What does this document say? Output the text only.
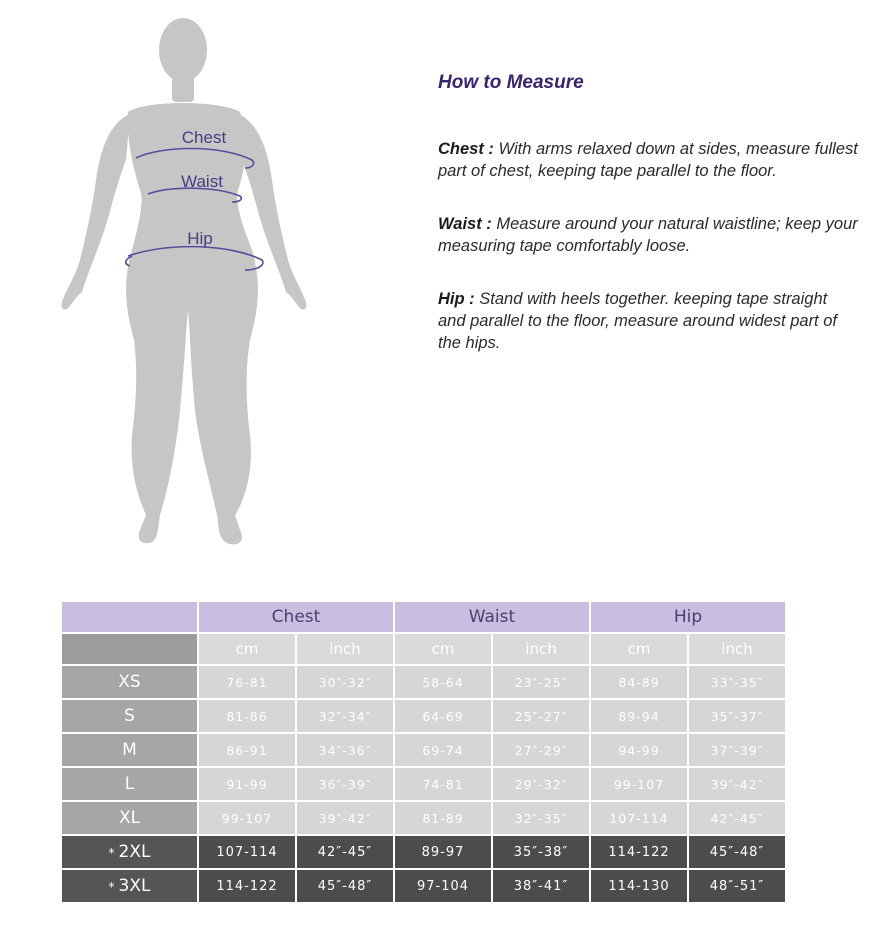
Chest
Waist
Hip
How to Measure
Chest : With arms relaxed down at sides, measure fullest part of chest, keeping tape parallel to the floor.
Waist : Measure around your natural waistline; keep your measuring tape comfortably loose.
Hip : Stand with heels together. keeping tape straight and parallel to the floor, measure around widest part of the hips.
	Chest		Waist		Hip	
	cm	inch	cm	inch	cm	inch
XS	76-81	30″-32″	58-64	23″-25″	84-89	33″-35″
S	81-86	32″-34″	64-69	25″-27″	89-94	35″-37″
M	86-91	34″-36″	69-74	27″-29″	94-99	37″-39″
L	91-99	36″-39″	74-81	29″-32″	99-107	39″-42″
XL	99-107	39″-42″	81-89	32″-35″	107-114	42″-45″
* 2XL	107-114	42″-45″	89-97	35″-38″	114-122	45″-48″
* 3XL	114-122	45″-48″	97-104	38″-41″	114-130	48″-51″
